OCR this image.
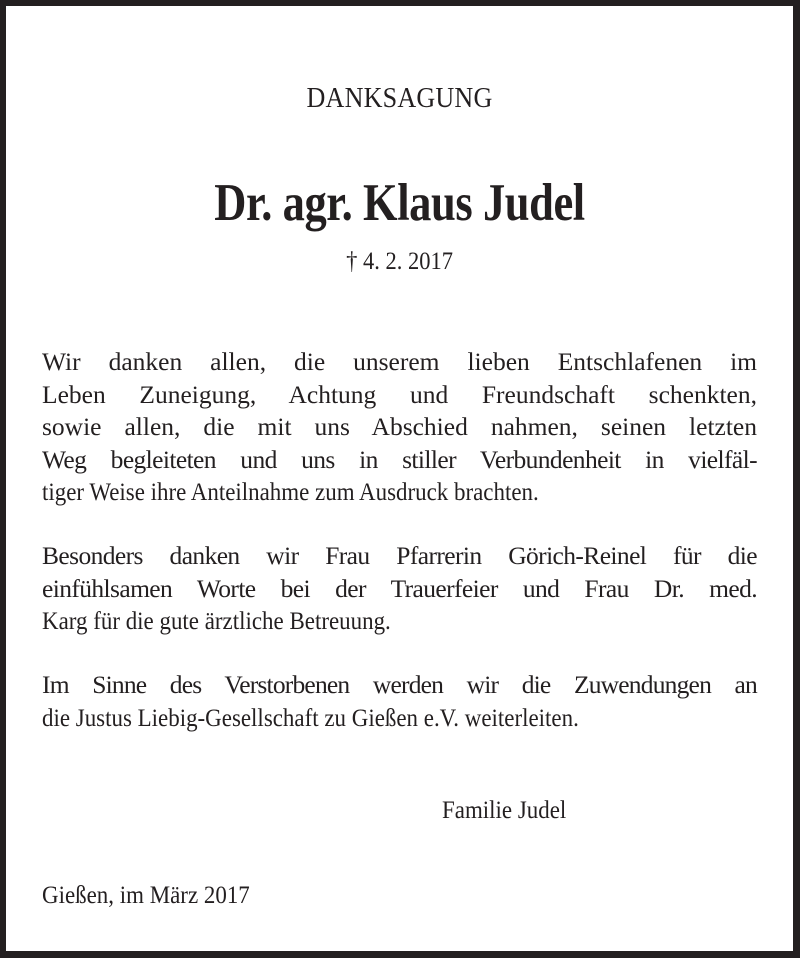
DANKSAGUNG
Dr. agr. Klaus Judel
† 4. 2. 2017
Wir danken allen, die unserem lieben Entschlafenen im
Leben Zuneigung, Achtung und Freundschaft schenkten,
sowie allen, die mit uns Abschied nahmen, seinen letzten
Weg begleiteten und uns in stiller Verbundenheit in vielfäl-
tiger Weise ihre Anteilnahme zum Ausdruck brachten.
Besonders danken wir Frau Pfarrerin Görich-Reinel für die
einfühlsamen Worte bei der Trauerfeier und Frau Dr. med.
Karg für die gute ärztliche Betreuung.
Im Sinne des Verstorbenen werden wir die Zuwendungen an
die Justus Liebig-Gesellschaft zu Gießen e.V. weiterleiten.
Familie Judel
Gießen, im März 2017
